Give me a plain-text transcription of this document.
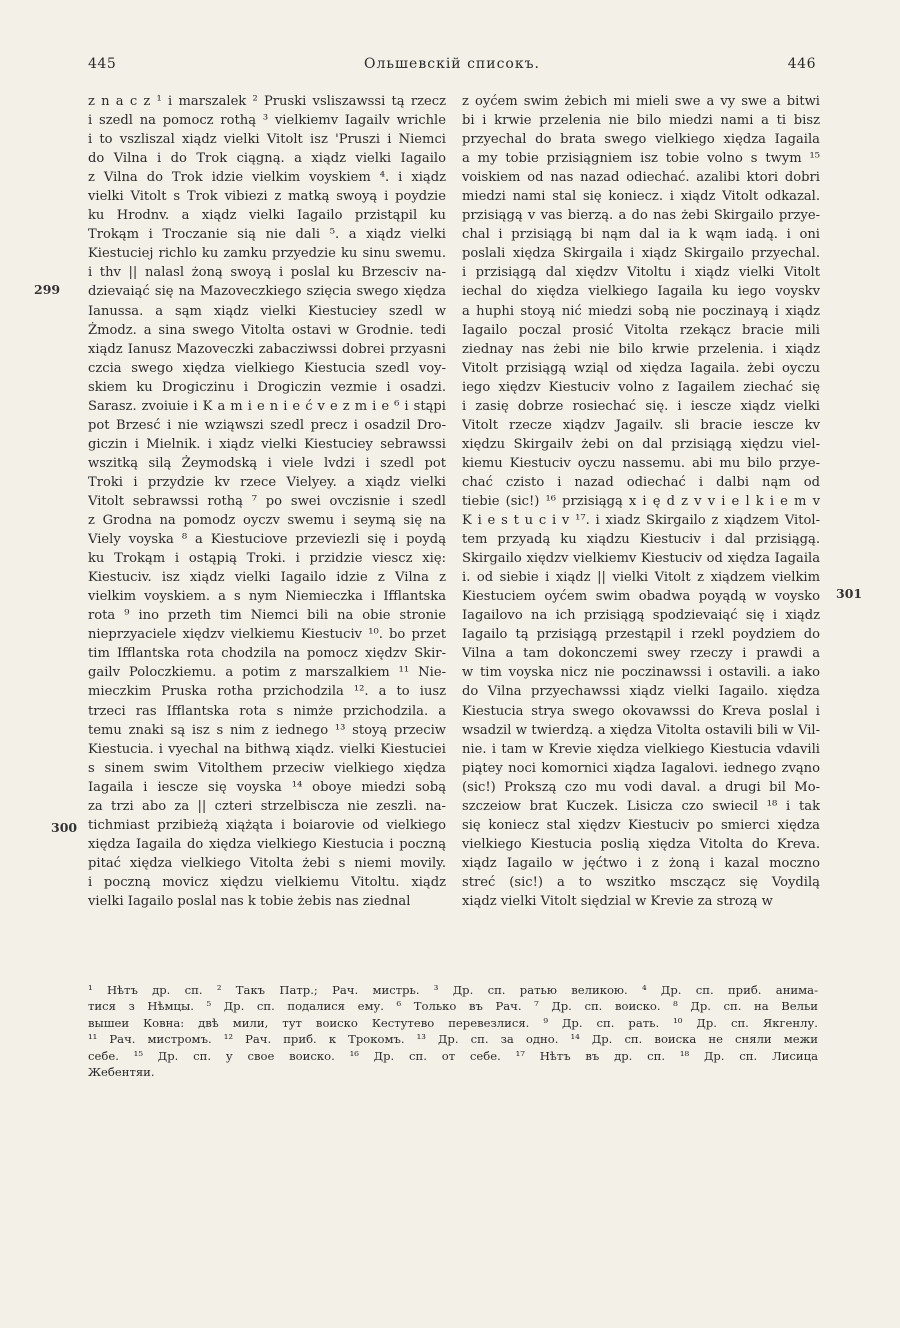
445	Ольшевскій списокъ.	446
z n a c z ¹ i marszalek ² Pruski vsliszawssi tą rzecz
i szedl na pomocz rothą ³ vielkiemv Iagailv wrichle
i to vszliszal xiądz vielki Vitolt isz 'Pruszi i Niemci
do Vilna i do Trok ciągną. a xiądz vielki Iagailo
z Vilna do Trok idzie vielkim voyskiem ⁴. i xiądz
vielki Vitolt s Trok vibiezi z matką swoyą i poydzie
ku Hrodnv. a xiądz vielki Iagailo przistąpil ku
Trokąm i Troczanie sią nie dali ⁵. a xiądz vielki
Kiestuciej richlo ku zamku przyedzie ku sinu swemu.
i thv || nalasl żoną swoyą i poslal ku Brzesciv na-
dzievaiąć się na Mazoveczkiego szięcia swego xiędza
Ianussa. a sąm xiądz vielki Kiestuciey szedl w
Żmodz. a sina swego Vitolta ostavi w Grodnie. tedi
xiądz Ianusz Mazoveczki zabacziwssi dobrei przyasni
czcia swego xiędza vielkiego Kiestucia szedl voy-
skiem ku Drogiczinu i Drogiczin vezmie i osadzi.
Sarasz. zvoiuie i K a m i e n i e ć v e z m i e ⁶ i stąpi
pot Brzesć i nie wziąwszi szedl precz i osadzil Dro-
giczin i Mielnik. i xiądz vielki Kiestuciey sebrawssi
wszitką silą Żeymodską i viele lvdzi i szedl pot
Troki i przydzie kv rzece Vielyey. a xiądz vielki
Vitolt sebrawssi rothą ⁷ po swei ovczisnie i szedl
z Grodna na pomodz oyczv swemu i seymą się na
Viely voyska ⁸ a Kiestuciove przeviezli się i poydą
ku Trokąm i ostąpią Troki. i przidzie viescz xię:
Kiestuciv. isz xiądz vielki Iagailo idzie z Vilna z
vielkim voyskiem. a s nym Niemieczka i Ifflantska
rota ⁹ ino przeth tim Niemci bili na obie stronie
nieprzyaciele xiędzv vielkiemu Kiestuciv ¹⁰. bo przet
tim Ifflantska rota chodzila na pomocz xiędzv Skir-
gailv Poloczkiemu. a potim z marszalkiem ¹¹ Nie-
mieczkim Pruska rotha przichodzila ¹². a to iusz
trzeci ras Ifflantska rota s nimże przichodzila. a
temu znaki są isz s nim z iednego ¹³ stoyą przeciw
Kiestucia. i vyechal na bithwą xiądz. vielki Kiestuciei
s sinem swim Vitolthem przeciw vielkiego xiędza
Iagaila i iescze się voyska ¹⁴ oboye miedzi sobą
za trzi abo za || czteri strzelbiscza nie zeszli. na-
tichmiast przibieżą xiążąta i boiarovie od vielkiego
xiędza Iagaila do xiędza vielkiego Kiestucia i poczną
pitać xiędza vielkiego Vitolta żebi s niemi movily.
i poczną movicz xiędzu vielkiemu Vitoltu. xiądz
vielki Iagailo poslal nas k tobie żebis nas ziednal
z oyćem swim żebich mi mieli swe a vy swe a bitwi
bi i krwie przelenia nie bilo miedzi nami a ti bisz
przyechal do brata swego vielkiego xiędza Iagaila
a my tobie przisiągniem isz tobie volno s twym ¹⁵
voiskiem od nas nazad odiechać. azalibi ktori dobri
miedzi nami stal się koniecz. i xiądz Vitolt odkazal.
przisiągą v vas bierzą. a do nas żebi Skirgailo przye-
chal i przisiągą bi nąm dal ia k wąm iadą. i oni
poslali xiędza Skirgaila i xiądz Skirgailo przyechal.
i przisiągą dal xiędzv Vitoltu i xiądz vielki Vitolt
iechal do xiędza vielkiego Iagaila ku iego voyskv
a huphi stoyą nić miedzi sobą nie poczinayą i xiądz
Iagailo poczal prosić Vitolta rzekącz bracie mili
ziednay nas żebi nie bilo krwie przelenia. i xiądz
Vitolt przisiągą wziąl od xiędza Iagaila. żebi oyczu
iego xiędzv Kiestuciv volno z Iagailem ziechać się
i zasię dobrze rosiechać się. i iescze xiądz vielki
Vitolt rzecze xiądzv Jagailv. sli bracie iescze kv
xiędzu Skirgailv żebi on dal przisiągą xiędzu viel-
kiemu Kiestuciv oyczu nassemu. abi mu bilo przye-
chać czisto i nazad odiechać i dalbi nąm od
tiebie (sic!) ¹⁶ przisiągą x i ę d z v v i e l k i e m v
K i e s t u c i v ¹⁷. i xiadz Skirgailo z xiądzem Vitol-
tem przyadą ku xiądzu Kiestuciv i dal przisiągą.
Skirgailo xiędzv vielkiemv Kiestuciv od xiędza Iagaila
i. od siebie i xiądz || vielki Vitolt z xiądzem vielkim
Kiestuciem oyćem swim obadwa poyądą w voysko
Iagailovo na ich przisiągą spodzievaiąć się i xiądz
Iagailo tą przisiągą przestąpil i rzekl poydziem do
Vilna a tam dokonczemi swey rzeczy i prawdi a
w tim voyska nicz nie poczinawssi i ostavili. a iako
do Vilna przyechawssi xiądz vielki Iagailo. xiędza
Kiestucia strya swego okovawssi do Kreva poslal i
wsadzil w twierdzą. a xiędza Vitolta ostavili bili w Vil-
nie. i tam w Krevie xiędza vielkiego Kiestucia vdavili
piątey noci komornici xiądza Iagalovi. iednego zvąno
(sic!) Prokszą czo mu vodi daval. a drugi bil Mo-
szczeiow brat Kuczek. Lisicza czo swiecil ¹⁸ i tak
się koniecz stal xiędzv Kiestuciv po smierci xiędza
vielkiego Kiestucia poslią xiędza Vitolta do Kreva.
xiądz Iagailo w jęćtwo i z żoną i kazal moczno
streć (sic!) a to wszitko msczącz się Voydilą
xiądz vielki Vitolt siędzial w Krevie za strozą w
299
300
301
¹ Нѣтъ др. сп. ² Такъ Патр.; Рач. мистрь. ³ Др. сп. ратью великою. ⁴ Др. сп. приб. анима-
тися з Нѣмцы. ⁵ Др. сп. подалися ему. ⁶ Только въ Рач. ⁷ Др. сп. воиско. ⁸ Др. сп. на Вельи
вышеи Ковна: двѣ мили, тут воиско Кестутево перевезлися. ⁹ Др. сп. рать. ¹⁰ Др. сп. Якгенлу.
¹¹ Рач. мистромъ. ¹² Рач. приб. к Трокомъ. ¹³ Др. сп. за одно. ¹⁴ Др. сп. воиска не сняли межи
себе. ¹⁵ Др. сп. у свое воиско. ¹⁶ Др. сп. от себе. ¹⁷ Нѣтъ въ др. сп. ¹⁸ Др. сп. Лисица
Жебентяи.
